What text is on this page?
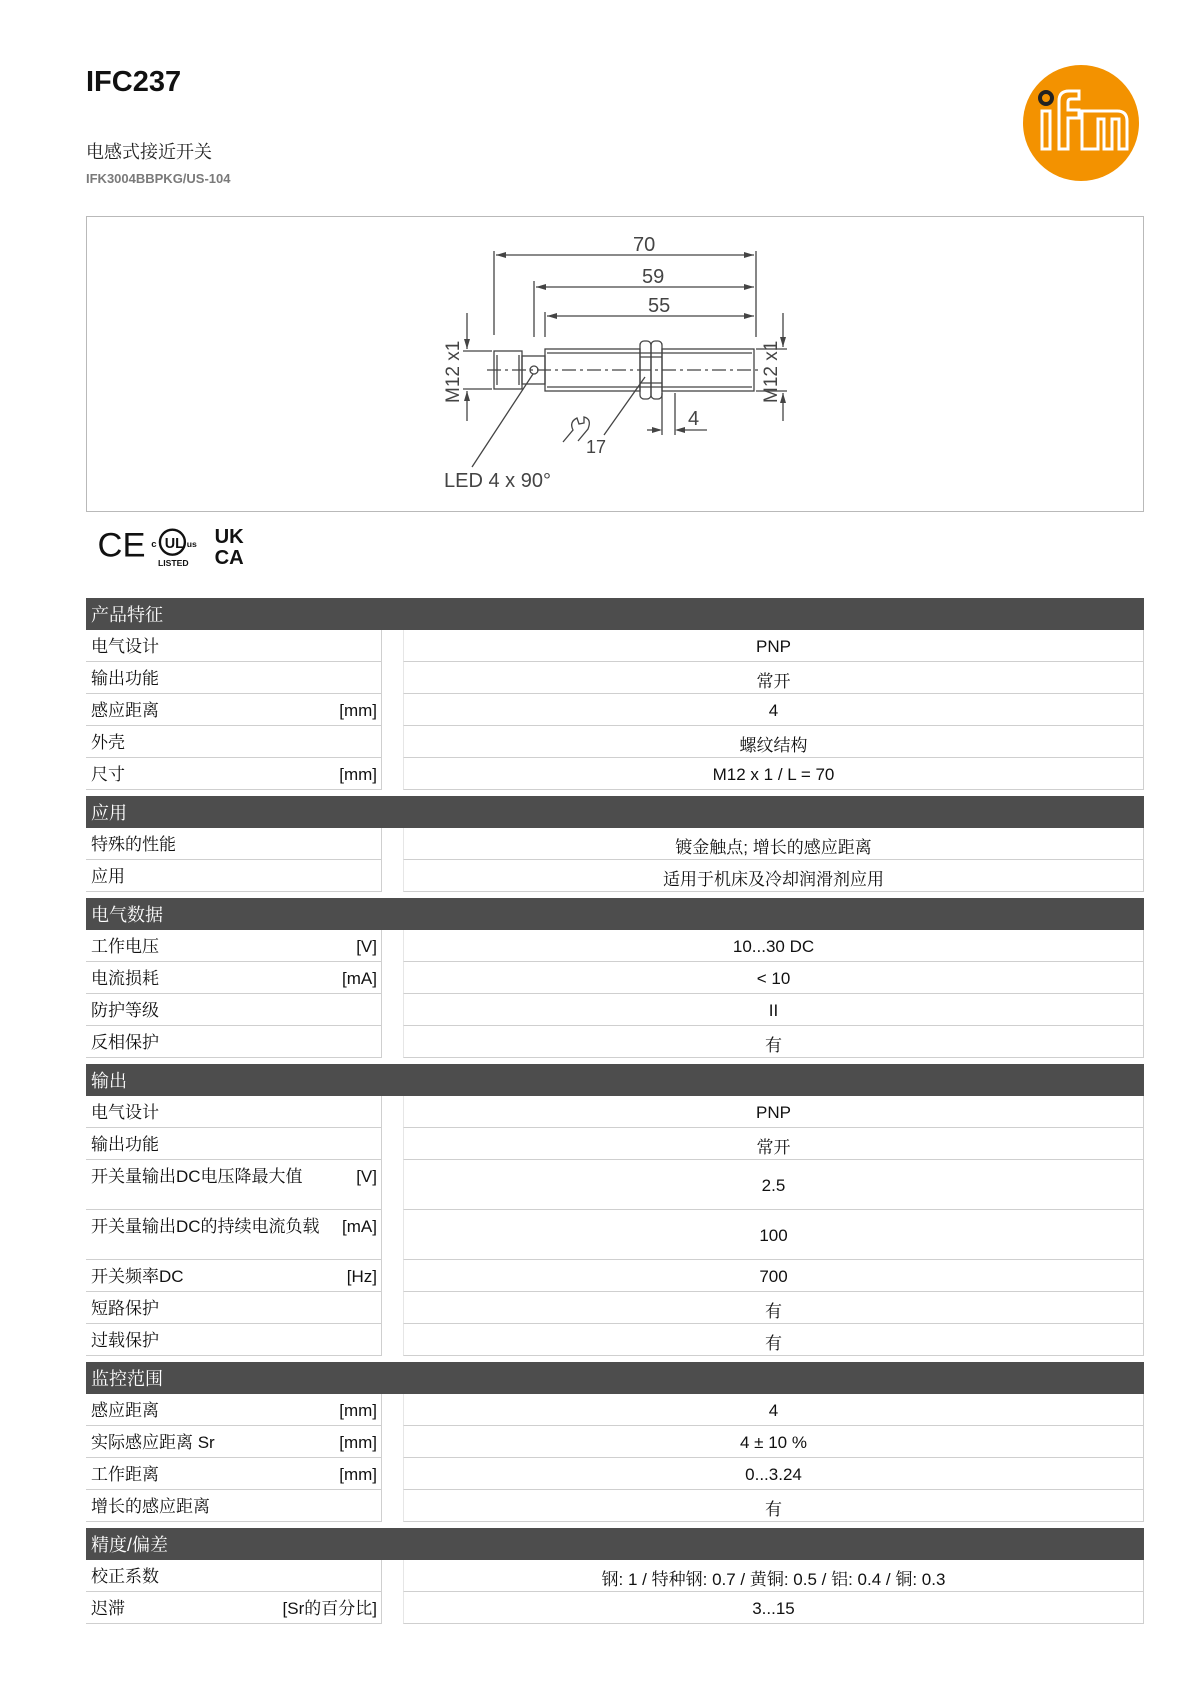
IFC237
电感式接近开关
IFK3004BBPKG/US-104
70
59
55
M12 x1	M12 x1
4
17
LED 4 x 90°
CE UL
c	us
LISTED
UK
CA
产品特征
电气设计	PNP
输出功能	常开
感应距离	[mm]	4
外壳	螺纹结构
尺寸	[mm]	M12 x 1 / L = 70
应用
特殊的性能	镀金触点; 增长的感应距离
应用	适用于机床及冷却润滑剂应用
电气数据
工作电压	[V]	10...30 DC
电流损耗	[mA]	< 10
防护等级	II
反相保护	有
输出
电气设计	PNP
输出功能	常开
开关量输出DC电压降最大值	[V]	2.5
开关量输出DC的持续电流负载	[mA]	100
开关频率DC	[Hz]	700
短路保护	有
过载保护	有
监控范围
感应距离	[mm]	4
实际感应距离 Sr	[mm]	4 ± 10 %
工作距离	[mm]	0...3.24
增长的感应距离	有
精度/偏差
校正系数	钢: 1 / 特种钢: 0.7 / 黄铜: 0.5 / 铝: 0.4 / 铜: 0.3
迟滞	[Sr的百分比]	3...15
